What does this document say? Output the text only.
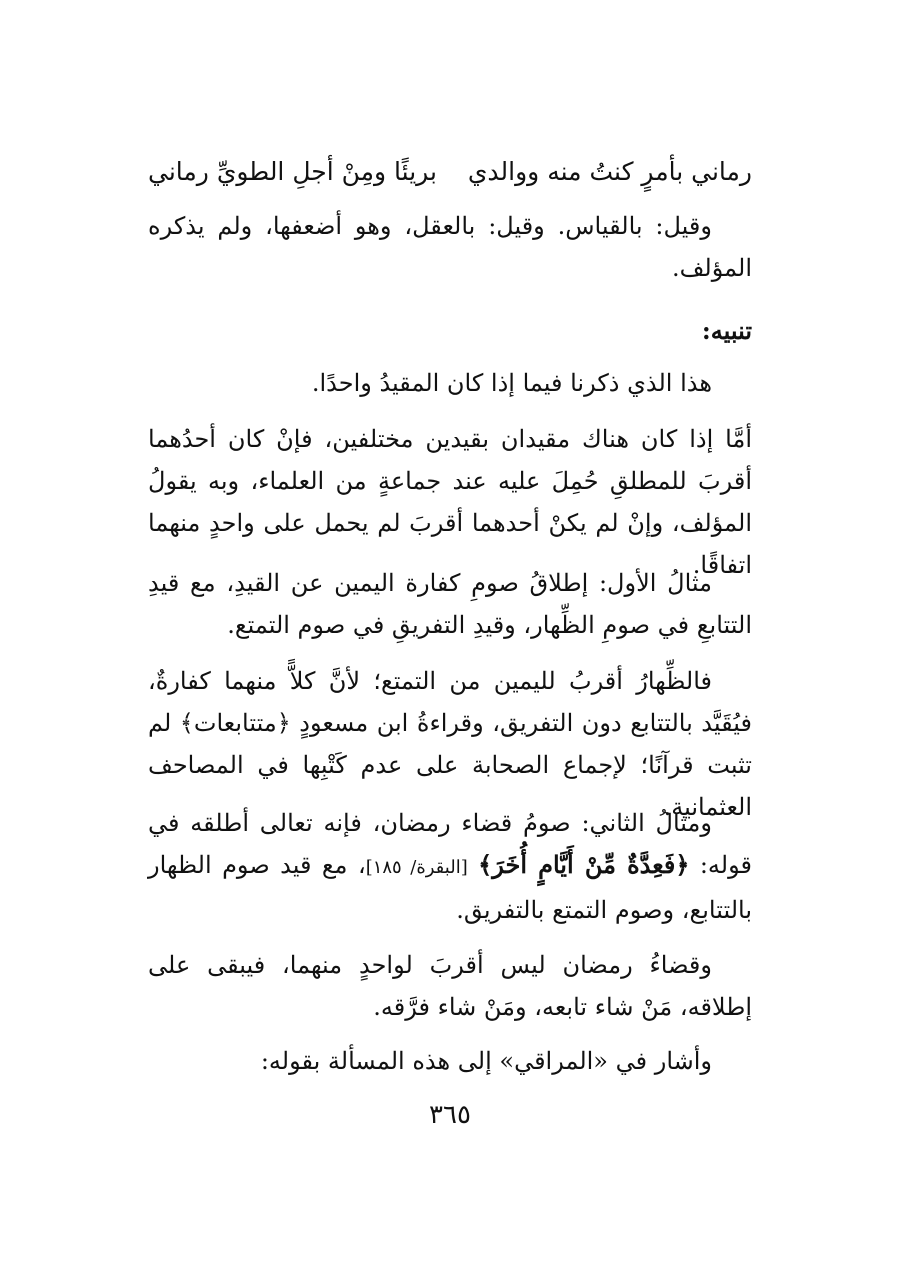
رماني بأمرٍ كنتُ منه ووالدي
بريئًا ومِنْ أجلِ الطويِّ رماني

وقيل: بالقياس. وقيل: بالعقل، وهو أضعفها، ولم يذكره المؤلف.

تنبيه:

هذا الذي ذكرنا فيما إذا كان المقيدُ واحدًا.

أمَّا إذا كان هناك مقيدان بقيدين مختلفين، فإنْ كان أحدُهما أقربَ للمطلقِ حُمِلَ عليه عند جماعةٍ من العلماء، وبه يقولُ المؤلف، وإنْ لم يكنْ أحدهما أقربَ لم يحمل على واحدٍ منهما اتفاقًا.

مثالُ الأول: إطلاقُ صومِ كفارة اليمين عن القيدِ، مع قيدِ التتابعِ في صومِ الظِّهار، وقيدِ التفريقِ في صوم التمتع.

فالظِّهارُ أقربُ لليمين من التمتع؛ لأنَّ كلاًّ منهما كفارةٌ، فيُقَيَّد بالتتابع دون التفريق، وقراءةُ ابن مسعودٍ ﴿متتابعات﴾ لم تثبت قرآنًا؛ لإجماع الصحابة على عدم كَتْبِها في المصاحف العثمانية.

ومثالُ الثاني: صومُ قضاء رمضان، فإنه تعالى أطلقه في قوله: ﴿فَعِدَّةٌ مِّنْ أَيَّامٍ أُخَرَ﴾ [البقرة/ ١٨٥]، مع قيد صوم الظهار بالتتابع، وصوم التمتع بالتفريق.

وقضاءُ رمضان ليس أقربَ لواحدٍ منهما، فيبقى على إطلاقه، مَنْ شاء تابعه، ومَنْ شاء فرَّقه.

وأشار في «المراقي» إلى هذه المسألة بقوله:

٣٦٥
